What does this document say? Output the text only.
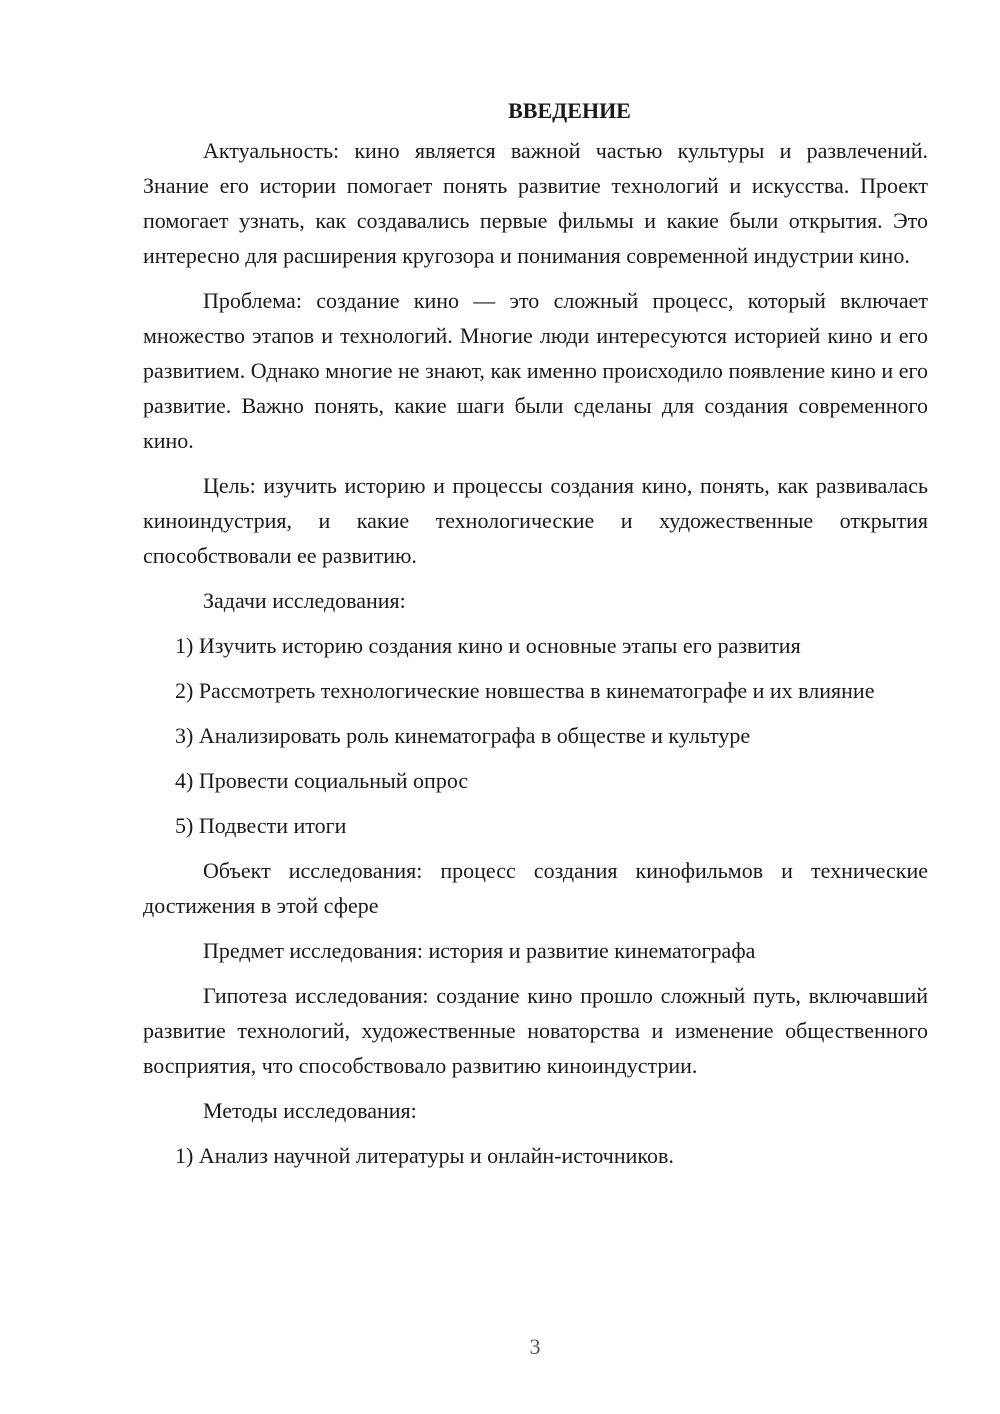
ВВЕДЕНИЕ

Актуальность: кино является важной частью культуры и развлечений. Знание его истории помогает понять развитие технологий и искусства. Проект помогает узнать, как создавались первые фильмы и какие были открытия. Это интересно для расширения кругозора и понимания современной индустрии кино.

Проблема: создание кино — это сложный процесс, который включает множество этапов и технологий. Многие люди интересуются историей кино и его развитием. Однако многие не знают, как именно происходило появление кино и его развитие. Важно понять, какие шаги были сделаны для создания современного кино.

Цель: изучить историю и процессы создания кино, понять, как развивалась киноиндустрия, и какие технологические и художественные открытия способствовали ее развитию.

Задачи исследования:

1) Изучить историю создания кино и основные этапы его развития

2) Рассмотреть технологические новшества в кинематографе и их влияние

3) Анализировать роль кинематографа в обществе и культуре

4) Провести социальный опрос

5) Подвести итоги

Объект исследования: процесс создания кинофильмов и технические достижения в этой сфере

Предмет исследования: история и развитие кинематографа

Гипотеза исследования: создание кино прошло сложный путь, включавший развитие технологий, художественные новаторства и изменение общественного восприятия, что способствовало развитию киноиндустрии.

Методы исследования:

1) Анализ научной литературы и онлайн-источников.

3
